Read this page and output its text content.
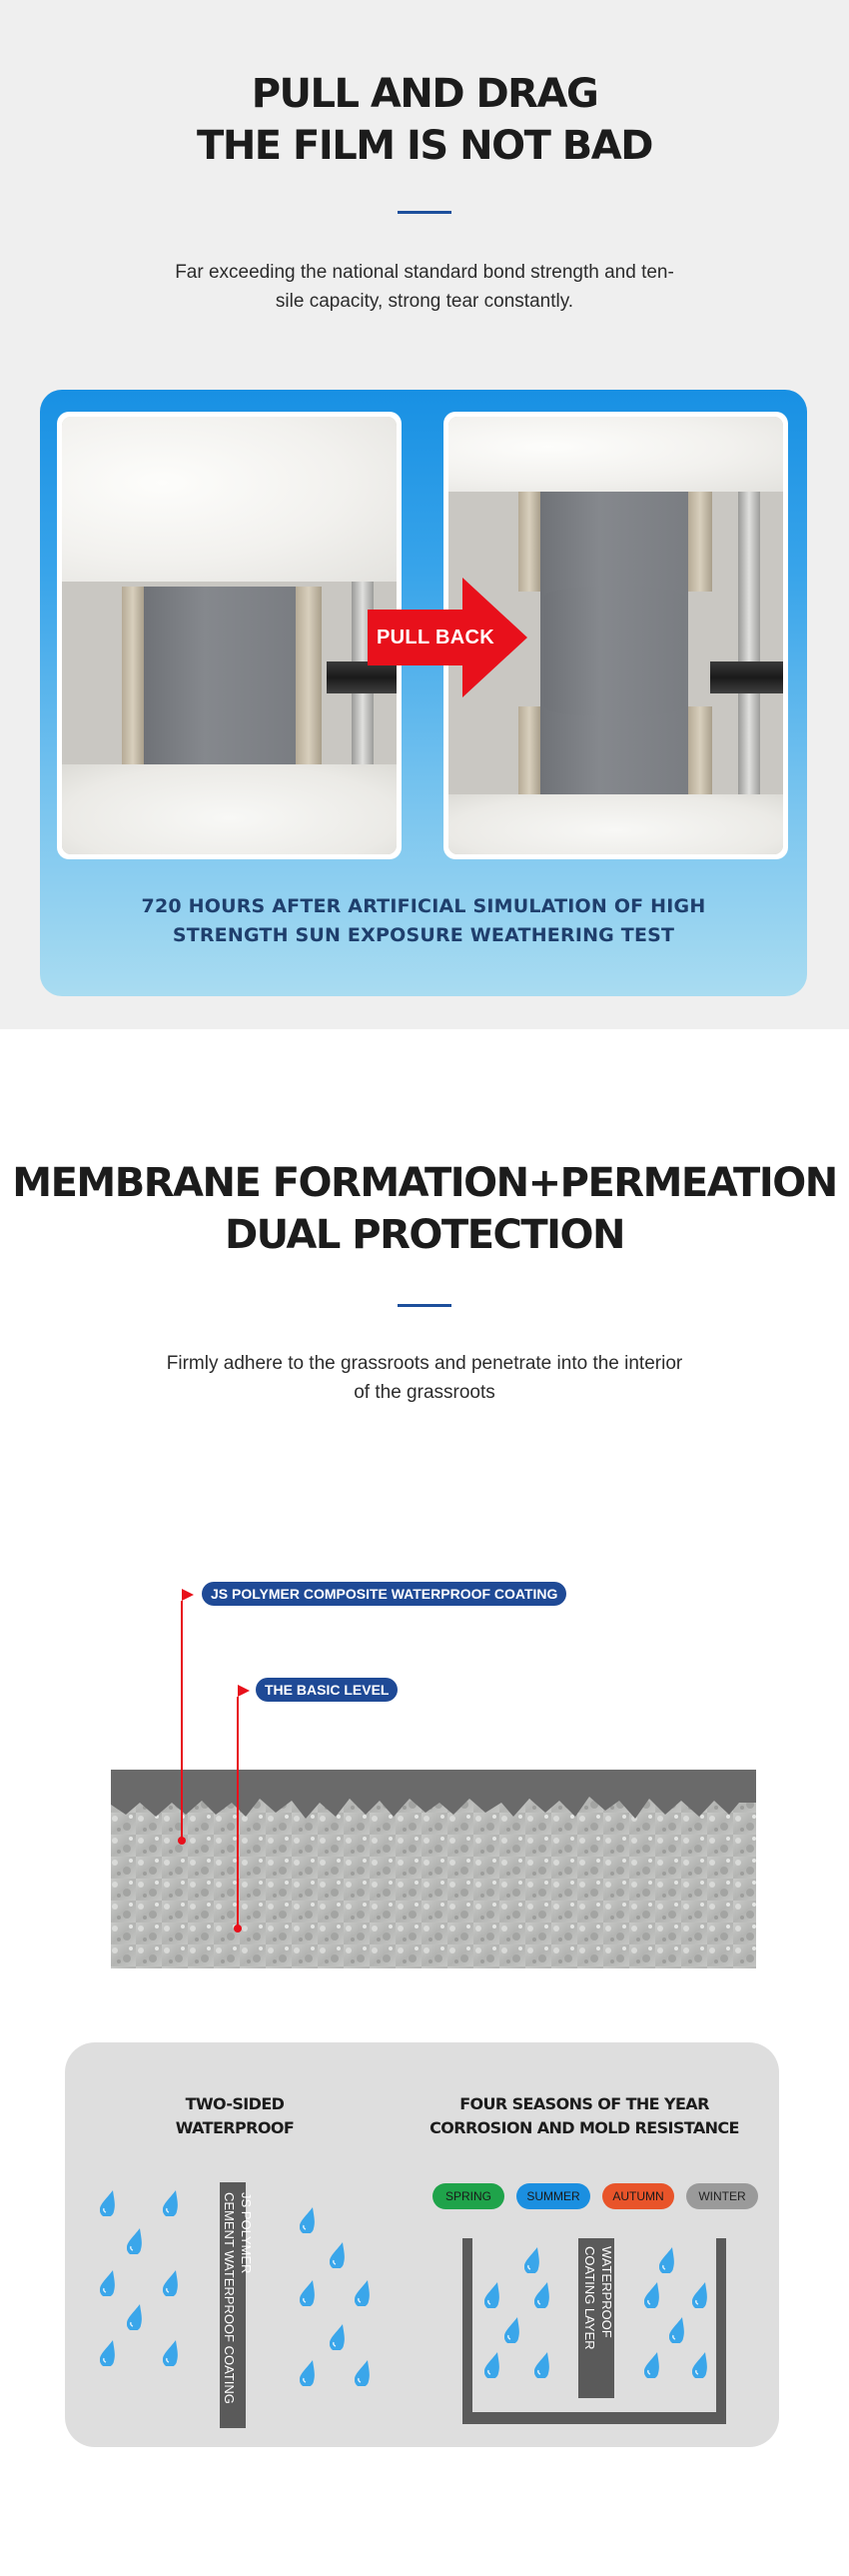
PULL AND DRAG
THE FILM IS NOT BAD
Far exceeding the national standard bond strength and ten-
sile capacity, strong tear constantly.
PULL BACK
720 HOURS AFTER ARTIFICIAL SIMULATION OF HIGH
STRENGTH SUN EXPOSURE WEATHERING TEST
MEMBRANE FORMATION+PERMEATION
DUAL PROTECTION
Firmly adhere to the grassroots and penetrate into the interior
of the grassroots
JS POLYMER COMPOSITE WATERPROOF COATING
THE BASIC LEVEL
TWO-SIDED
WATERPROOF
JS POLYMER
CEMENT WATERPROOF COATING
FOUR SEASONS OF THE YEAR
CORROSION AND MOLD RESISTANCE
SPRING	SUMMER	AUTUMN	WINTER
WATERPROOF
COATING LAYER
